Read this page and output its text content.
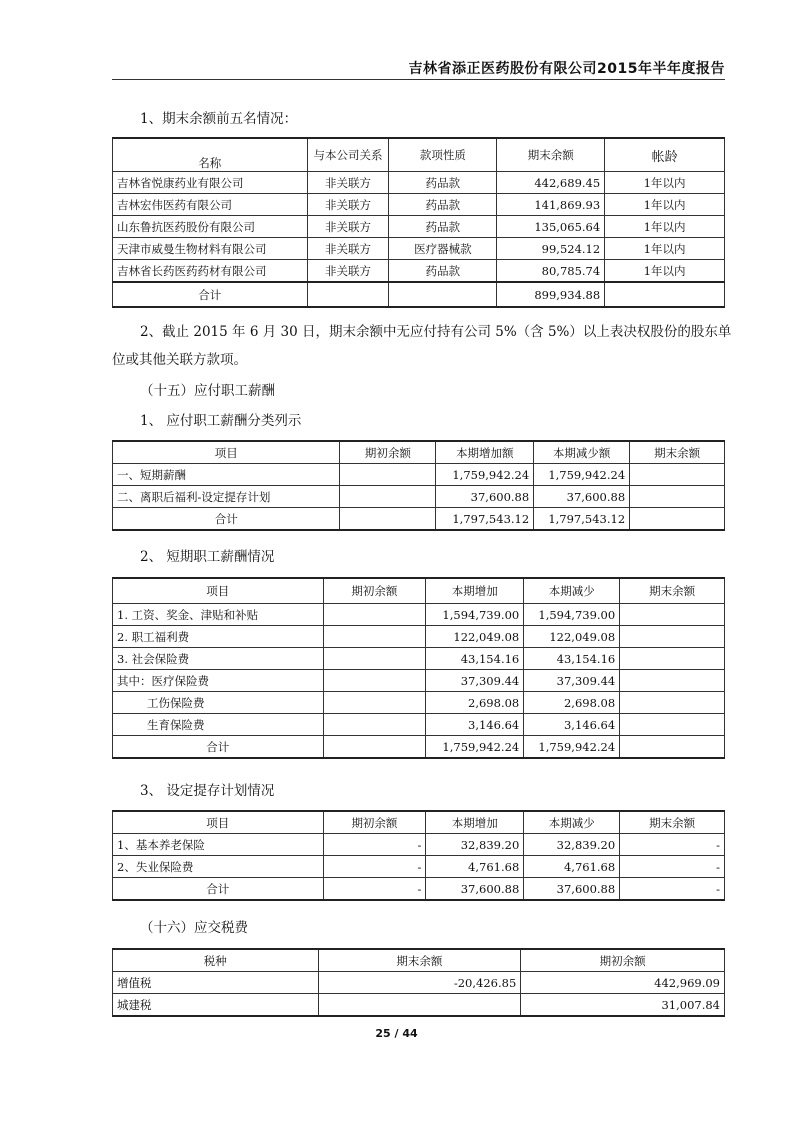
吉林省添正医药股份有限公司2015年半年度报告
1、期末余额前五名情况：
名称	与本公司关系	款项性质	期末余额	帐龄
吉林省悦康药业有限公司	非关联方	药品款	442,689.45	1年以内
吉林宏伟医药有限公司	非关联方	药品款	141,869.93	1年以内
山东鲁抗医药股份有限公司	非关联方	药品款	135,065.64	1年以内
天津市威曼生物材料有限公司	非关联方	医疗器械款	99,524.12	1年以内
吉林省长药医药药材有限公司	非关联方	药品款	80,785.74	1年以内
合计			899,934.88	
2、截止 2015 年 6 月 30 日，期末余额中无应付持有公司 5%（含 5%）以上表决权股份的股东单
位或其他关联方款项。
（十五）应付职工薪酬
1、 应付职工薪酬分类列示
项目	期初余额	本期增加额	本期减少额	期末余额
一、短期薪酬		1,759,942.24	1,759,942.24	
二、离职后福利-设定提存计划		37,600.88	37,600.88	
合计		1,797,543.12	1,797,543.12	
2、 短期职工薪酬情况
项目	期初余额	本期增加	本期减少	期末余额
1. 工资、奖金、津贴和补贴		1,594,739.00	1,594,739.00	
2. 职工福利费		122,049.08	122,049.08	
3. 社会保险费		43,154.16	43,154.16	
其中：医疗保险费		37,309.44	37,309.44	
工伤保险费		2,698.08	2,698.08	
生育保险费		3,146.64	3,146.64	
合计		1,759,942.24	1,759,942.24	
3、 设定提存计划情况
项目	期初余额	本期增加	本期减少	期末余额
1、基本养老保险	-	32,839.20	32,839.20	-
2、失业保险费	-	4,761.68	4,761.68	-
合计	-	37,600.88	37,600.88	-
（十六）应交税费
税种	期末余额	期初余额
增值税	-20,426.85	442,969.09
城建税		31,007.84
25 / 44
